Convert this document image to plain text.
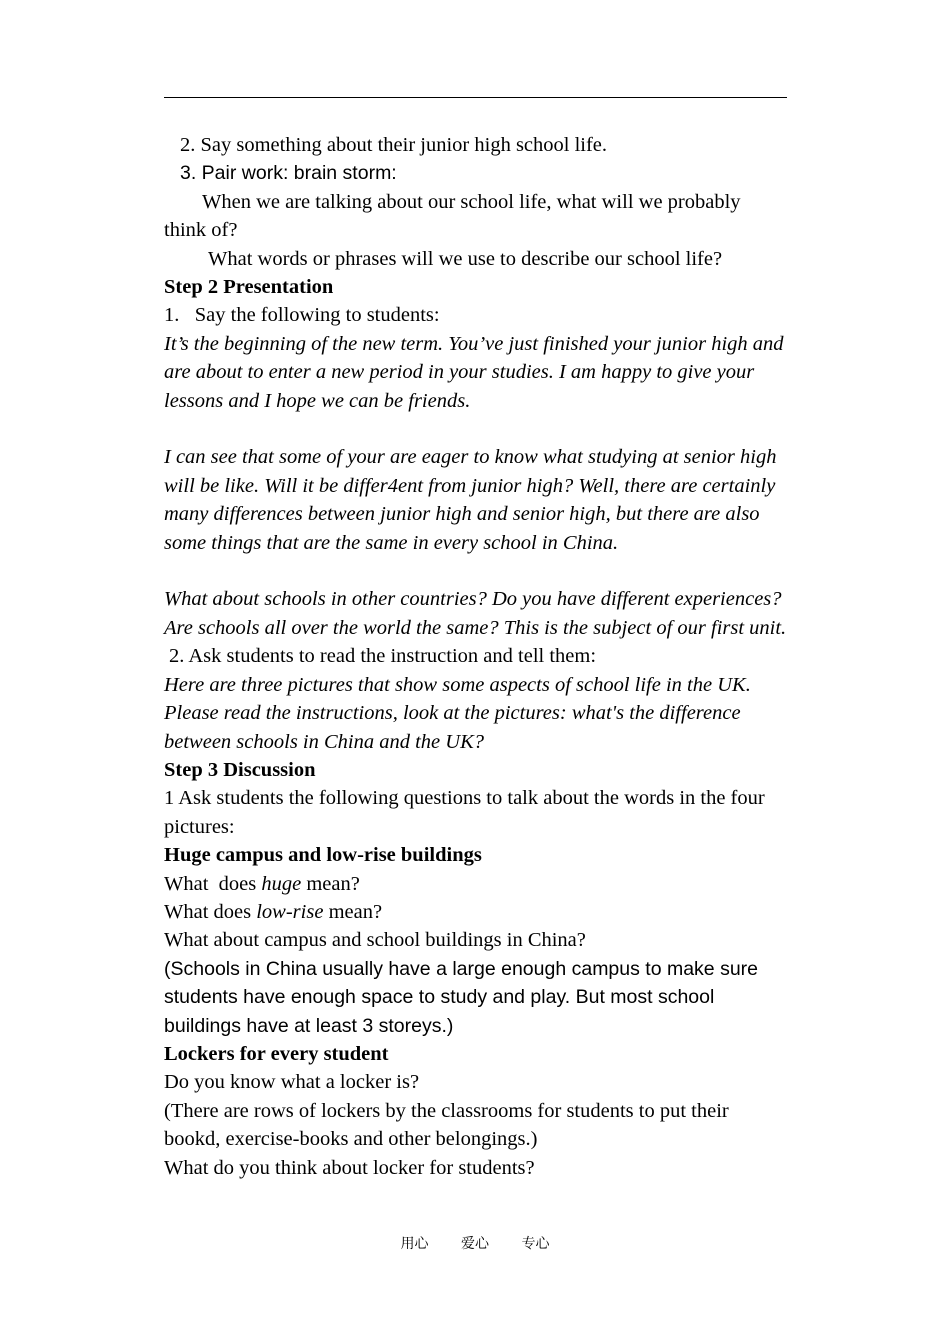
2. Say something about their junior high school life.

3. Pair work: brain storm:

When we are talking about our school life, what will we probably think of?

What words or phrases will we use to describe our school life?

Step 2 Presentation

1.   Say the following to students:

It’s the beginning of the new term. You’ve just finished your junior high and are about to enter a new period in your studies. I am happy to give your lessons and I hope we can be friends.

I can see that some of your are eager to know what studying at senior high will be like. Will it be differ4ent from junior high? Well, there are certainly many differences between junior high and senior high, but there are also some things that are the same in every school in China.

What about schools in other countries? Do you have different experiences? Are schools all over the world the same? This is the subject of our first unit.

2. Ask students to read the instruction and tell them:

Here are three pictures that show some aspects of school life in the UK. Please read the instructions, look at the pictures: what's the difference between schools in China and the UK?

Step 3 Discussion

1 Ask students the following questions to talk about the words in the four pictures:

Huge campus and low-rise buildings

What  does huge mean?

What does low-rise mean?

What about campus and school buildings in China?

(Schools in China usually have a large enough campus to make sure students have enough space to study and play. But most school buildings have at least 3 storeys.)

Lockers for every student

Do you know what a locker is?

(There are rows of lockers by the classrooms for students to put their bookd, exercise-books and other belongings.)

What do you think about locker for students?

用心 爱心 专心
